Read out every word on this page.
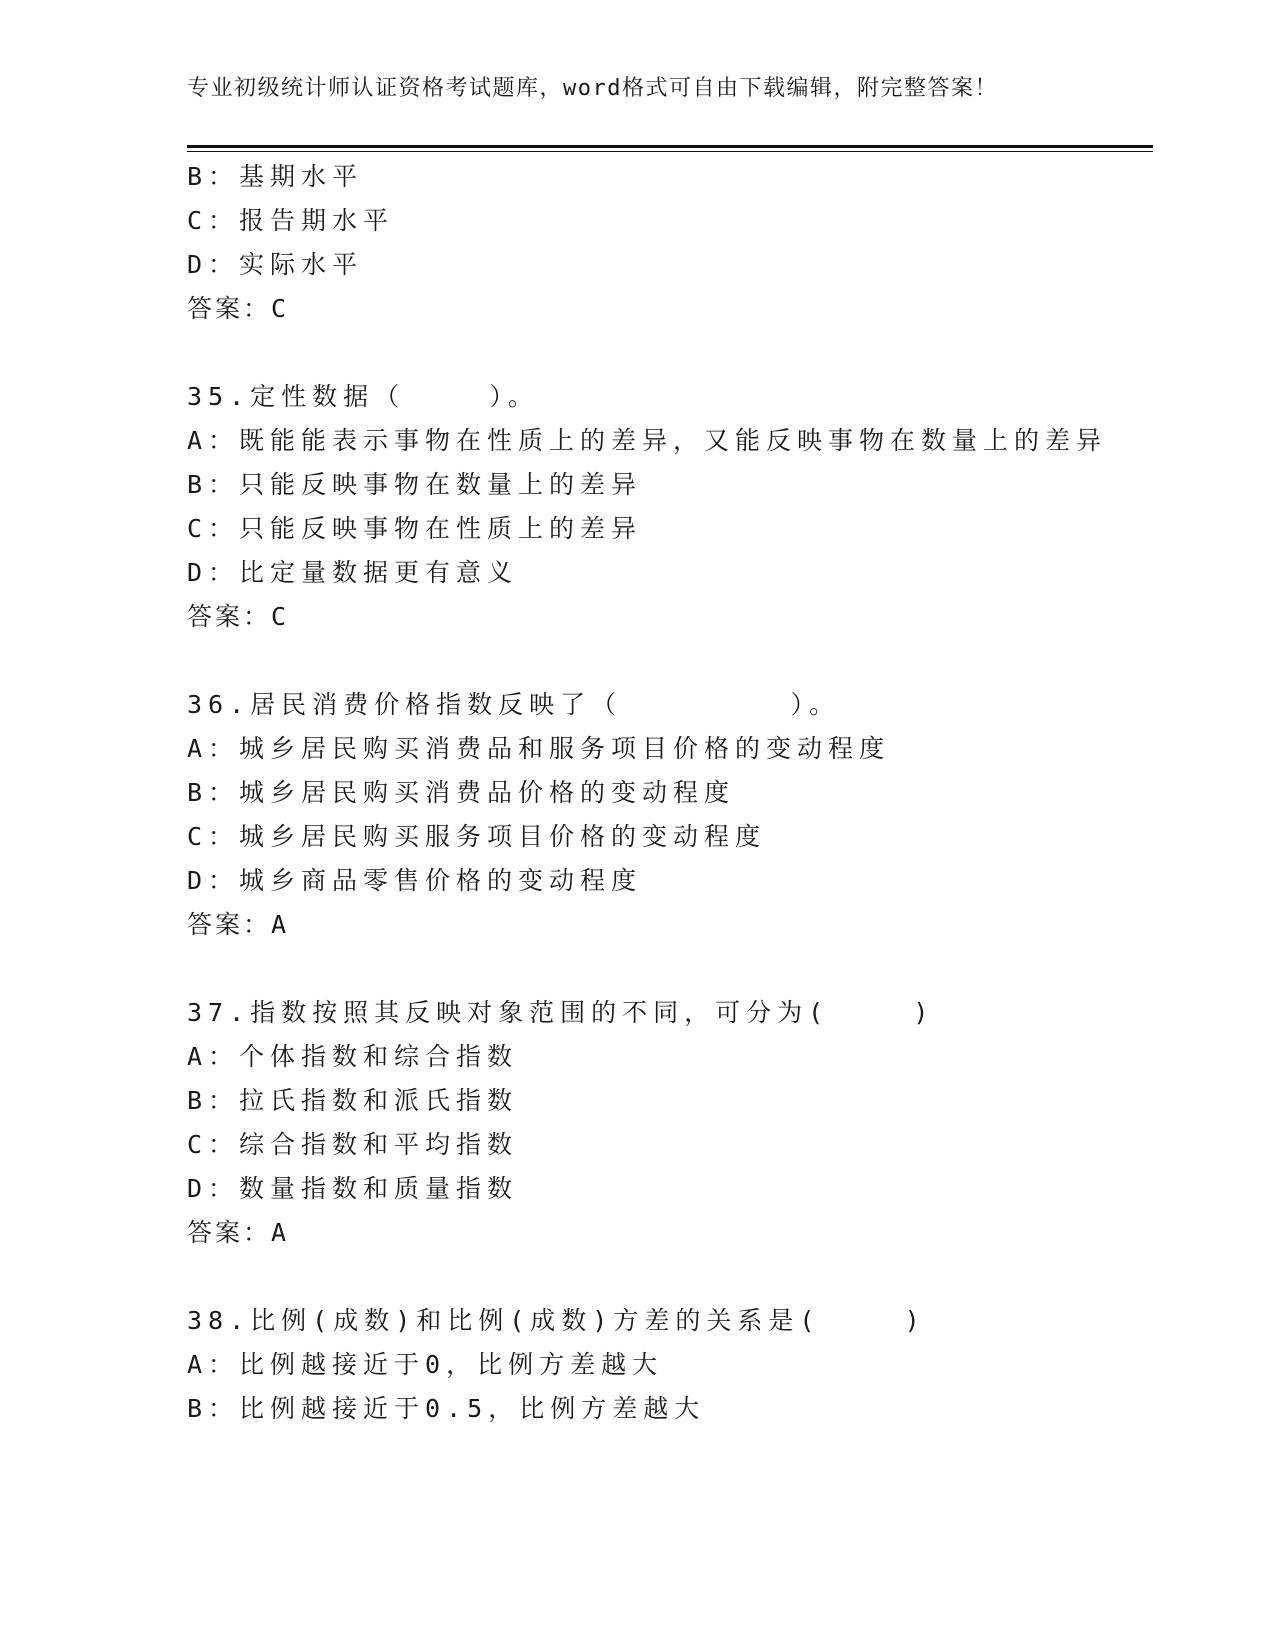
专业初级统计师认证资格考试题库，word格式可自由下载编辑，附完整答案！
B：基期水平
C：报告期水平
D：实际水平
答案：C
35.定性数据（    ）。
A：既能能表示事物在性质上的差异，又能反映事物在数量上的差异
B：只能反映事物在数量上的差异
C：只能反映事物在性质上的差异
D：比定量数据更有意义
答案：C
36.居民消费价格指数反映了（        ）。
A：城乡居民购买消费品和服务项目价格的变动程度
B：城乡居民购买消费品价格的变动程度
C：城乡居民购买服务项目价格的变动程度
D：城乡商品零售价格的变动程度
答案：A
37.指数按照其反映对象范围的不同，可分为(    )
A：个体指数和综合指数
B：拉氏指数和派氏指数
C：综合指数和平均指数
D：数量指数和质量指数
答案：A
38.比例(成数)和比例(成数)方差的关系是(    )
A：比例越接近于0，比例方差越大
B：比例越接近于0.5，比例方差越大
